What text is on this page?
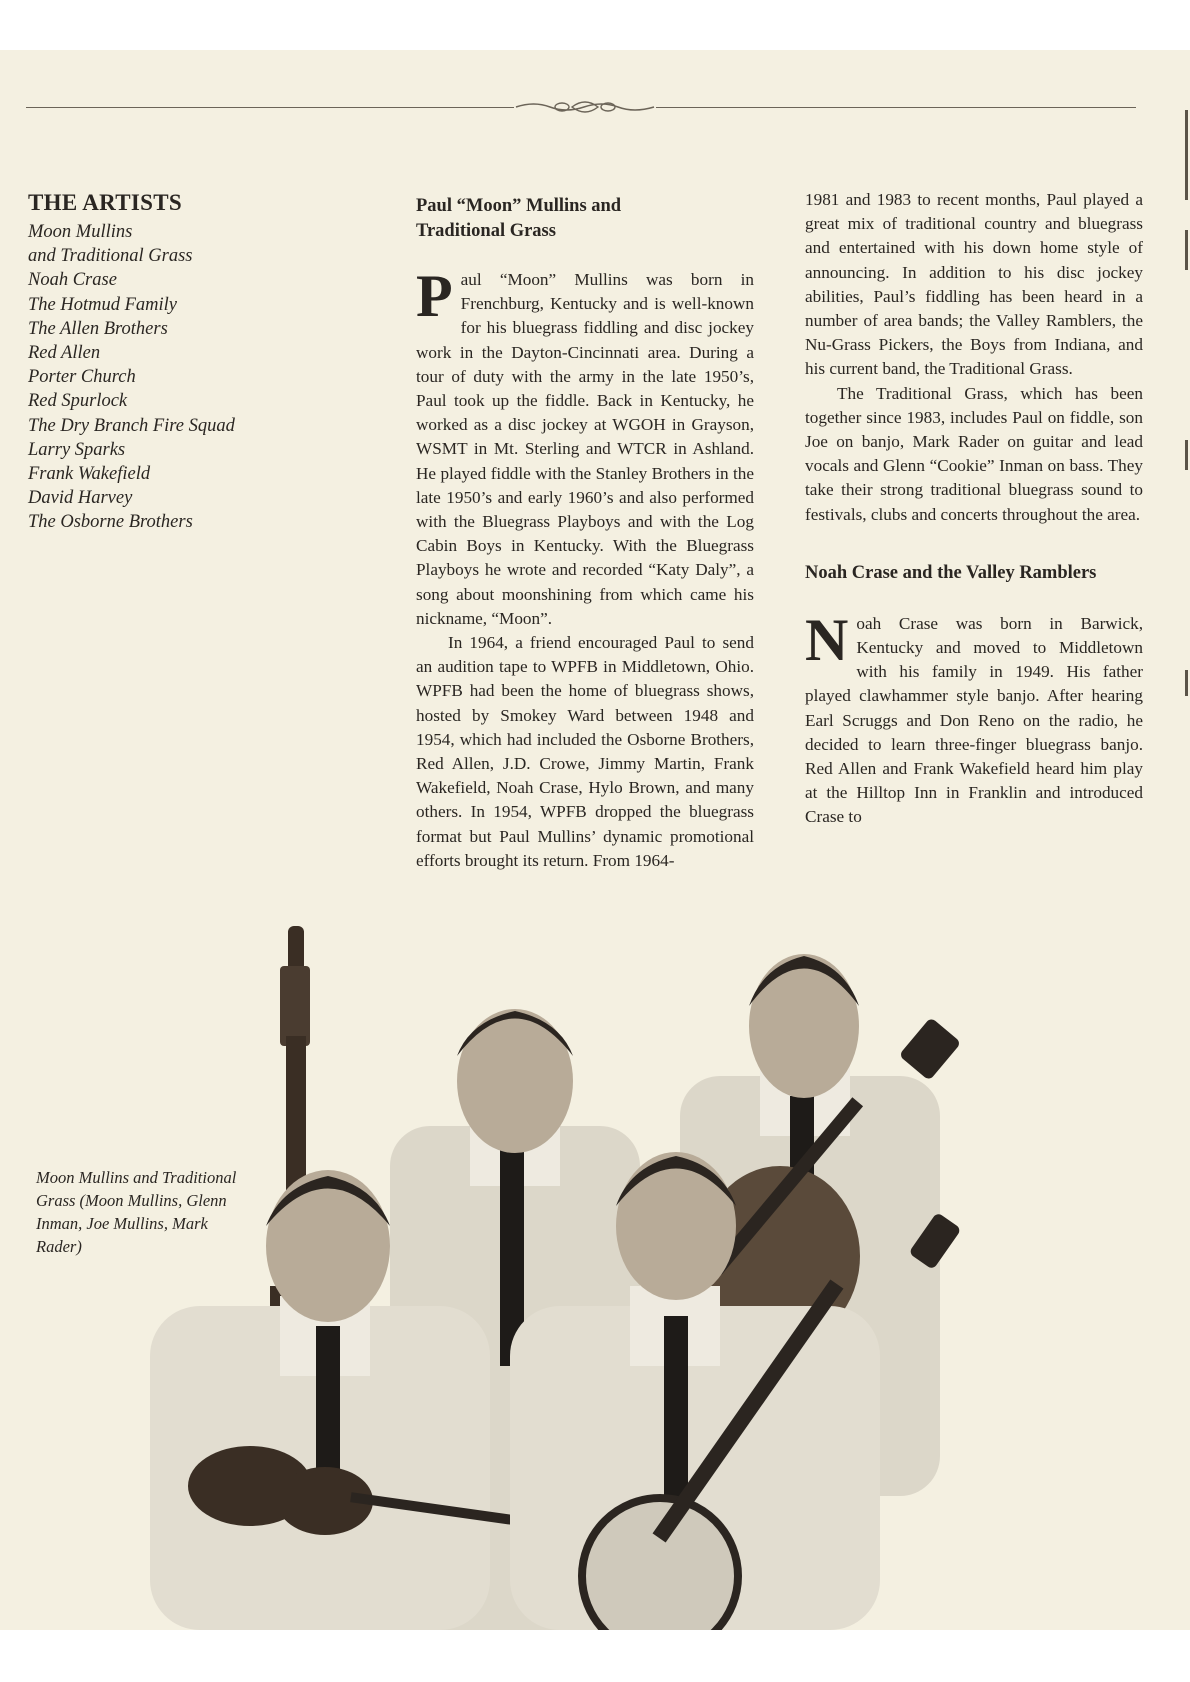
THE ARTISTS
Moon Mullins
and Traditional Grass
Noah Crase
The Hotmud Family
The Allen Brothers
Red Allen
Porter Church
Red Spurlock
The Dry Branch Fire Squad
Larry Sparks
Frank Wakefield
David Harvey
The Osborne Brothers
Paul “Moon” Mullins and
Traditional Grass

Paul “Moon” Mullins was born in Frenchburg, Kentucky and is well-known for his bluegrass fiddling and disc jockey work in the Dayton-Cincinnati area. During a tour of duty with the army in the late 1950’s, Paul took up the fiddle. Back in Kentucky, he worked as a disc jockey at WGOH in Grayson, WSMT in Mt. Sterling and WTCR in Ashland. He played fiddle with the Stanley Brothers in the late 1950’s and early 1960’s and also performed with the Bluegrass Playboys and with the Log Cabin Boys in Kentucky. With the Bluegrass Playboys he wrote and recorded “Katy Daly”, a song about moonshining from which came his nickname, “Moon”.

In 1964, a friend encouraged Paul to send an audition tape to WPFB in Middletown, Ohio. WPFB had been the home of bluegrass shows, hosted by Smokey Ward between 1948 and 1954, which had included the Osborne Brothers, Red Allen, J.D. Crowe, Jimmy Martin, Frank Wakefield, Noah Crase, Hylo Brown, and many others. In 1954, WPFB dropped the bluegrass format but Paul Mullins’ dynamic promotional efforts brought its return. From 1964-

1981 and 1983 to recent months, Paul played a great mix of traditional country and bluegrass and entertained with his down home style of announcing. In addition to his disc jockey abilities, Paul’s fiddling has been heard in a number of area bands; the Valley Ramblers, the Nu-Grass Pickers, the Boys from Indiana, and his current band, the Traditional Grass.

The Traditional Grass, which has been together since 1983, includes Paul on fiddle, son Joe on banjo, Mark Rader on guitar and lead vocals and Glenn “Cookie” Inman on bass. They take their strong traditional bluegrass sound to festivals, clubs and concerts throughout the area.

Noah Crase and the Valley Ramblers

Noah Crase was born in Barwick, Kentucky and moved to Middletown with his family in 1949. His father played clawhammer style banjo. After hearing Earl Scruggs and Don Reno on the radio, he decided to learn three-finger bluegrass banjo. Red Allen and Frank Wakefield heard him play at the Hilltop Inn in Franklin and introduced Crase to

Moon Mullins and Traditional Grass (Moon Mullins, Glenn Inman, Joe Mullins, Mark Rader)
